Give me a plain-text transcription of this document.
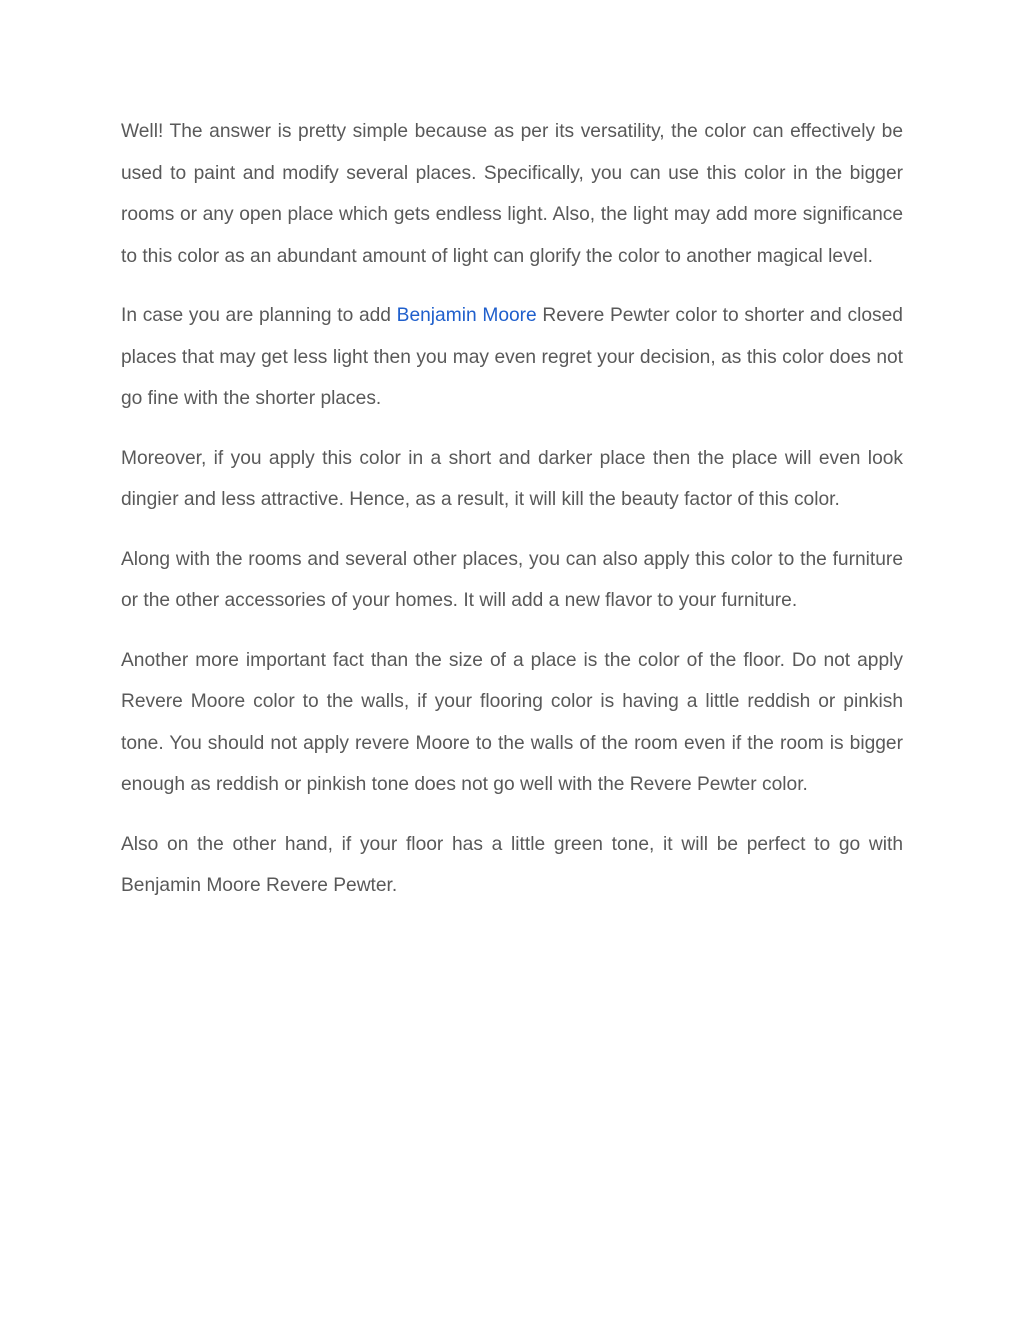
Well! The answer is pretty simple because as per its versatility, the color can effectively be used to paint and modify several places. Specifically, you can use this color in the bigger rooms or any open place which gets endless light. Also, the light may add more significance to this color as an abundant amount of light can glorify the color to another magical level.

In case you are planning to add Benjamin Moore Revere Pewter color to shorter and closed places that may get less light then you may even regret your decision, as this color does not go fine with the shorter places.

Moreover, if you apply this color in a short and darker place then the place will even look dingier and less attractive. Hence, as a result, it will kill the beauty factor of this color.

Along with the rooms and several other places, you can also apply this color to the furniture or the other accessories of your homes. It will add a new flavor to your furniture.

Another more important fact than the size of a place is the color of the floor. Do not apply Revere Moore color to the walls, if your flooring color is having a little reddish or pinkish tone. You should not apply revere Moore to the walls of the room even if the room is bigger enough as reddish or pinkish tone does not go well with the Revere Pewter color.

Also on the other hand, if your floor has a little green tone, it will be perfect to go with Benjamin Moore Revere Pewter.
